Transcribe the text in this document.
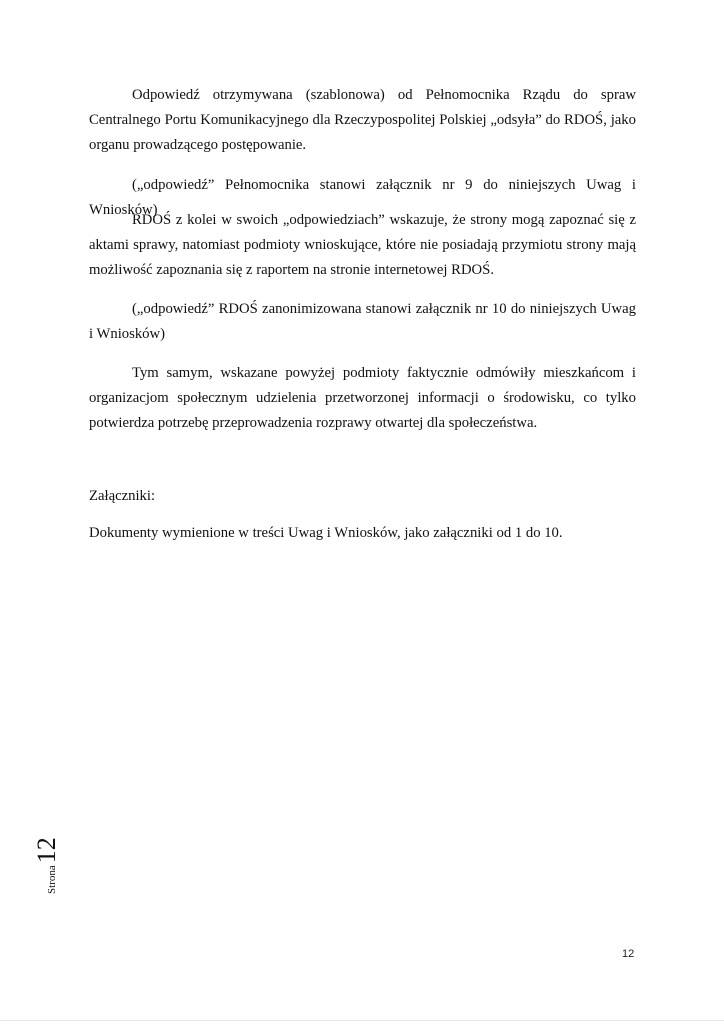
Odpowiedź otrzymywana (szablonowa) od Pełnomocnika Rządu do spraw Centralnego Portu Komunikacyjnego dla Rzeczypospolitej Polskiej „odsyła” do RDOŚ, jako organu prowadzącego postępowanie.

(„odpowiedź” Pełnomocnika stanowi załącznik nr 9 do niniejszych Uwag i Wniosków)

RDOŚ z kolei w swoich „odpowiedziach” wskazuje, że strony mogą zapoznać się z aktami sprawy, natomiast podmioty wnioskujące, które nie posiadają przymiotu strony mają możliwość zapoznania się z raportem na stronie internetowej RDOŚ.

(„odpowiedź” RDOŚ zanonimizowana stanowi załącznik nr 10 do niniejszych Uwag i Wniosków)

Tym samym, wskazane powyżej podmioty faktycznie odmówiły mieszkańcom i organizacjom społecznym udzielenia przetworzonej informacji o środowisku, co tylko potwierdza potrzebę przeprowadzenia rozprawy otwartej dla społeczeństwa.

Załączniki:

Dokumenty wymienione w treści Uwag i Wniosków, jako załączniki od 1 do 10.

Strona12
12
